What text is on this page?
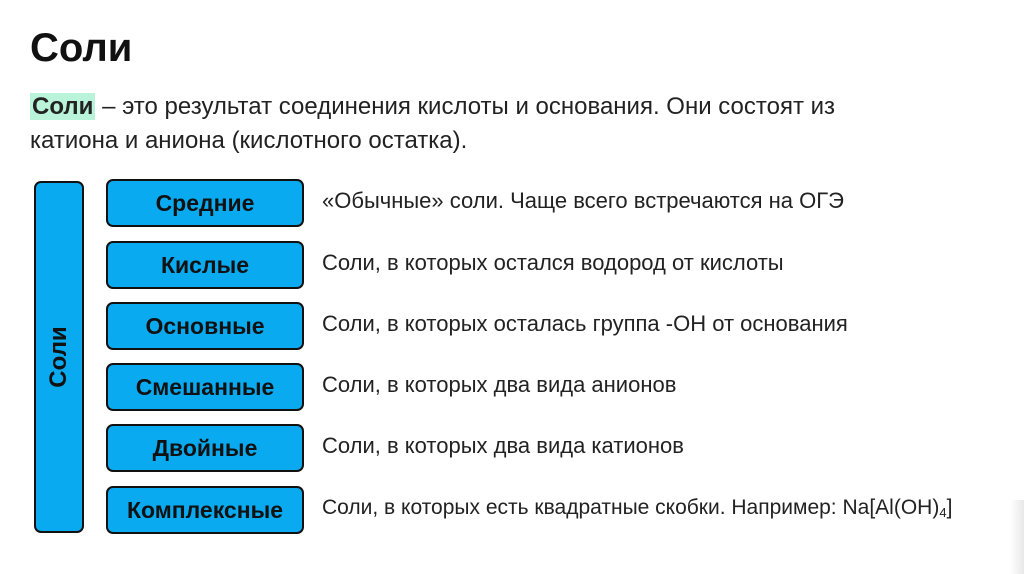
Соли
Соли – это результат соединения кислоты и основания. Они состоят из катиона и аниона (кислотного остатка).
Соли
Средние	«Обычные» соли. Чаще всего встречаются на ОГЭ
Кислые	Соли, в которых остался водород от кислоты
Основные	Соли, в которых осталась группа -ОН от основания
Смешанные	Соли, в которых два вида анионов
Двойные	Соли, в которых два вида катионов
Комплексные	Соли, в которых есть квадратные скобки. Например: $Na[Al(OH)_4]$
